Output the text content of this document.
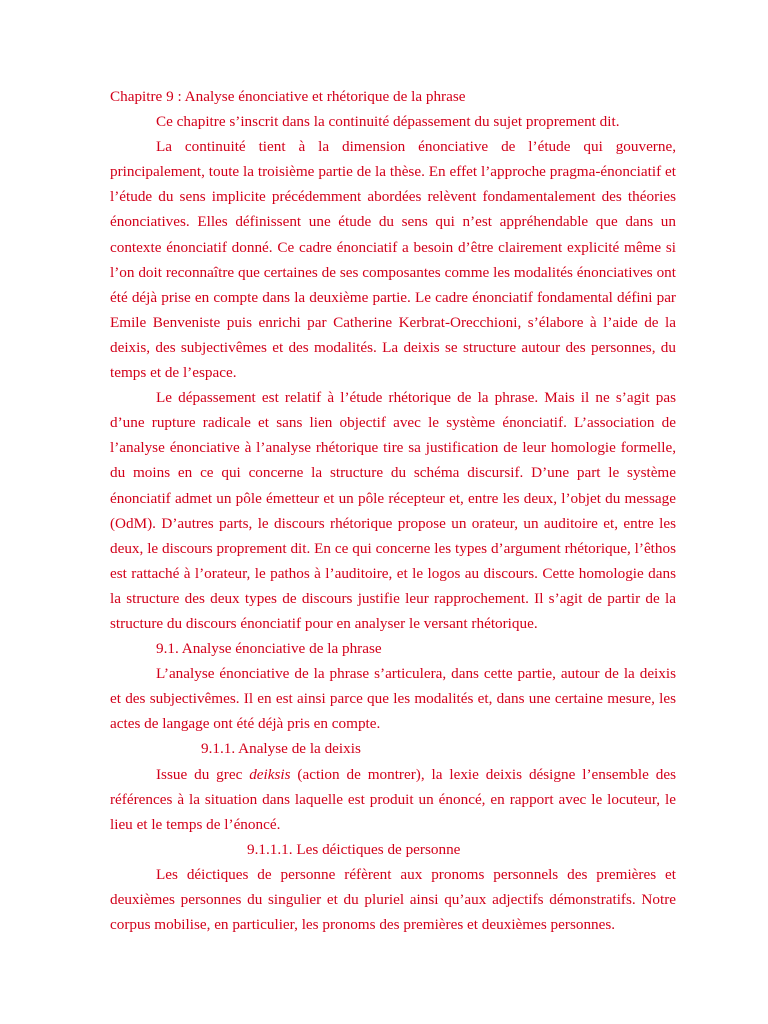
Chapitre 9 : Analyse énonciative et rhétorique de la phrase

Ce chapitre s’inscrit dans la continuité dépassement du sujet proprement dit.

La continuité tient à la dimension énonciative de l’étude qui gouverne, principalement, toute la troisième partie de la thèse. En effet l’approche pragma-énonciatif et l’étude du sens implicite précédemment abordées relèvent fondamentalement des théories énonciatives. Elles définissent une étude du sens qui n’est appréhendable que dans un contexte énonciatif donné. Ce cadre énonciatif a besoin d’être clairement explicité même si l’on doit reconnaître que certaines de ses composantes comme les modalités énonciatives ont été déjà prise en compte dans la deuxième partie. Le cadre énonciatif fondamental défini par Emile Benveniste puis enrichi par Catherine Kerbrat-Orecchioni, s’élabore à l’aide de la deixis, des subjectivêmes et des modalités. La deixis se structure autour des personnes, du temps et de l’espace.

Le dépassement est relatif à l’étude rhétorique de la phrase. Mais il ne s’agit pas d’une rupture radicale et sans lien objectif avec le système énonciatif. L’association de l’analyse énonciative à l’analyse rhétorique tire sa justification de leur homologie formelle, du moins en ce qui concerne la structure du schéma discursif. D’une part le système énonciatif admet un pôle émetteur et un pôle récepteur et, entre les deux, l’objet du message (OdM). D’autres parts, le discours rhétorique propose un orateur, un auditoire et, entre les deux, le discours proprement dit. En ce qui concerne les types d’argument rhétorique, l’êthos est rattaché à l’orateur, le pathos à l’auditoire, et le logos au discours. Cette homologie dans la structure des deux types de discours justifie leur rapprochement. Il s’agit de partir de la structure du discours énonciatif pour en analyser le versant rhétorique.

9.1. Analyse énonciative de la phrase

L’analyse énonciative de la phrase s’articulera, dans cette partie, autour de la deixis et des subjectivêmes. Il en est ainsi parce que les modalités et, dans une certaine mesure, les actes de langage ont été déjà pris en compte.

9.1.1. Analyse de la deixis

Issue du grec deiksis (action de montrer), la lexie deixis désigne l’ensemble des références à la situation dans laquelle est produit un énoncé, en rapport avec le locuteur, le lieu et le temps de l’énoncé.

9.1.1.1. Les déictiques de personne

Les déictiques de personne réfèrent aux pronoms personnels des premières et deuxièmes personnes du singulier et du pluriel ainsi qu’aux adjectifs démonstratifs. Notre corpus mobilise, en particulier, les pronoms des premières et deuxièmes personnes.
